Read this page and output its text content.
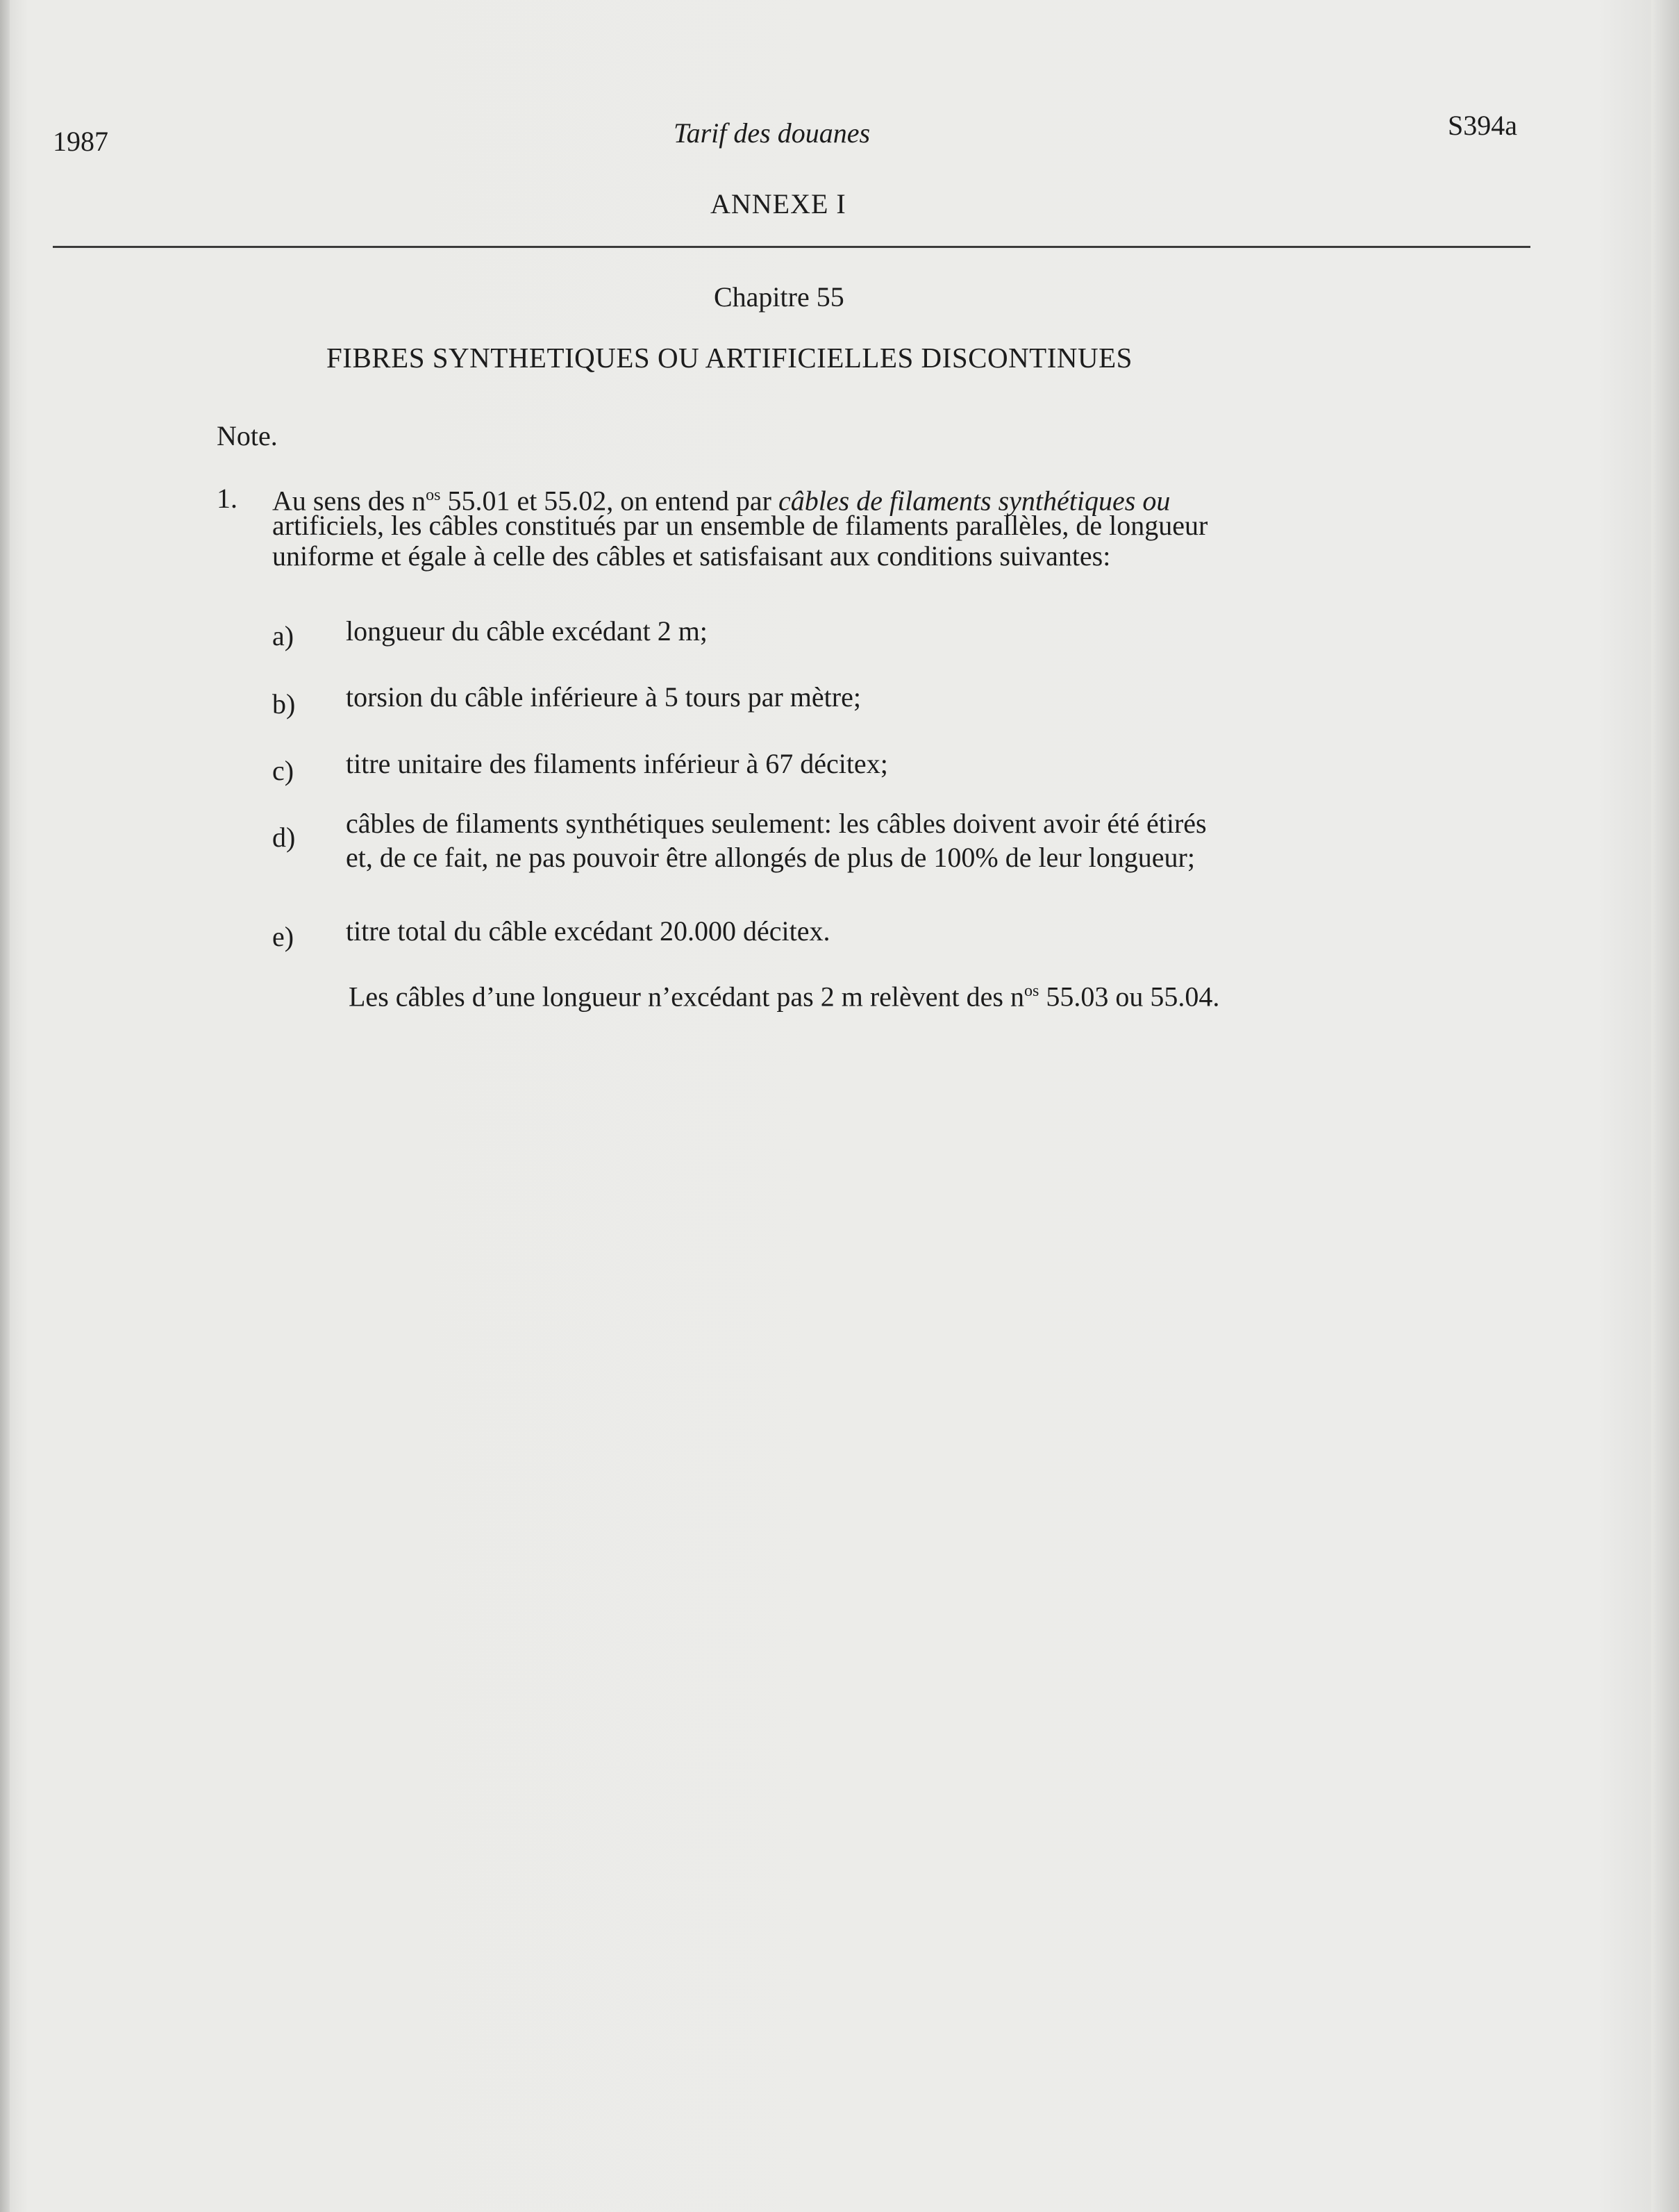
1987	Tarif des douanes	S394a
ANNEXE I
Chapitre 55
FIBRES SYNTHETIQUES OU ARTIFICIELLES DISCONTINUES
Note.
1. Au sens des $n^{os}$ 55.01 et 55.02, on entend par câbles de filaments synthétiques ou
artificiels, les câbles constitués par un ensemble de filaments parallèles, de longueur
uniforme et égale à celle des câbles et satisfaisant aux conditions suivantes:
a) longueur du câble excédant 2 m;
b) torsion du câble inférieure à 5 tours par mètre;
c) titre unitaire des filaments inférieur à 67 décitex;
d) câbles de filaments synthétiques seulement: les câbles doivent avoir été étirés
et, de ce fait, ne pas pouvoir être allongés de plus de 100% de leur longueur;
e) titre total du câble excédant 20.000 décitex.
Les câbles d’une longueur n’excédant pas 2 m relèvent des $n^{os}$ 55.03 ou 55.04.
